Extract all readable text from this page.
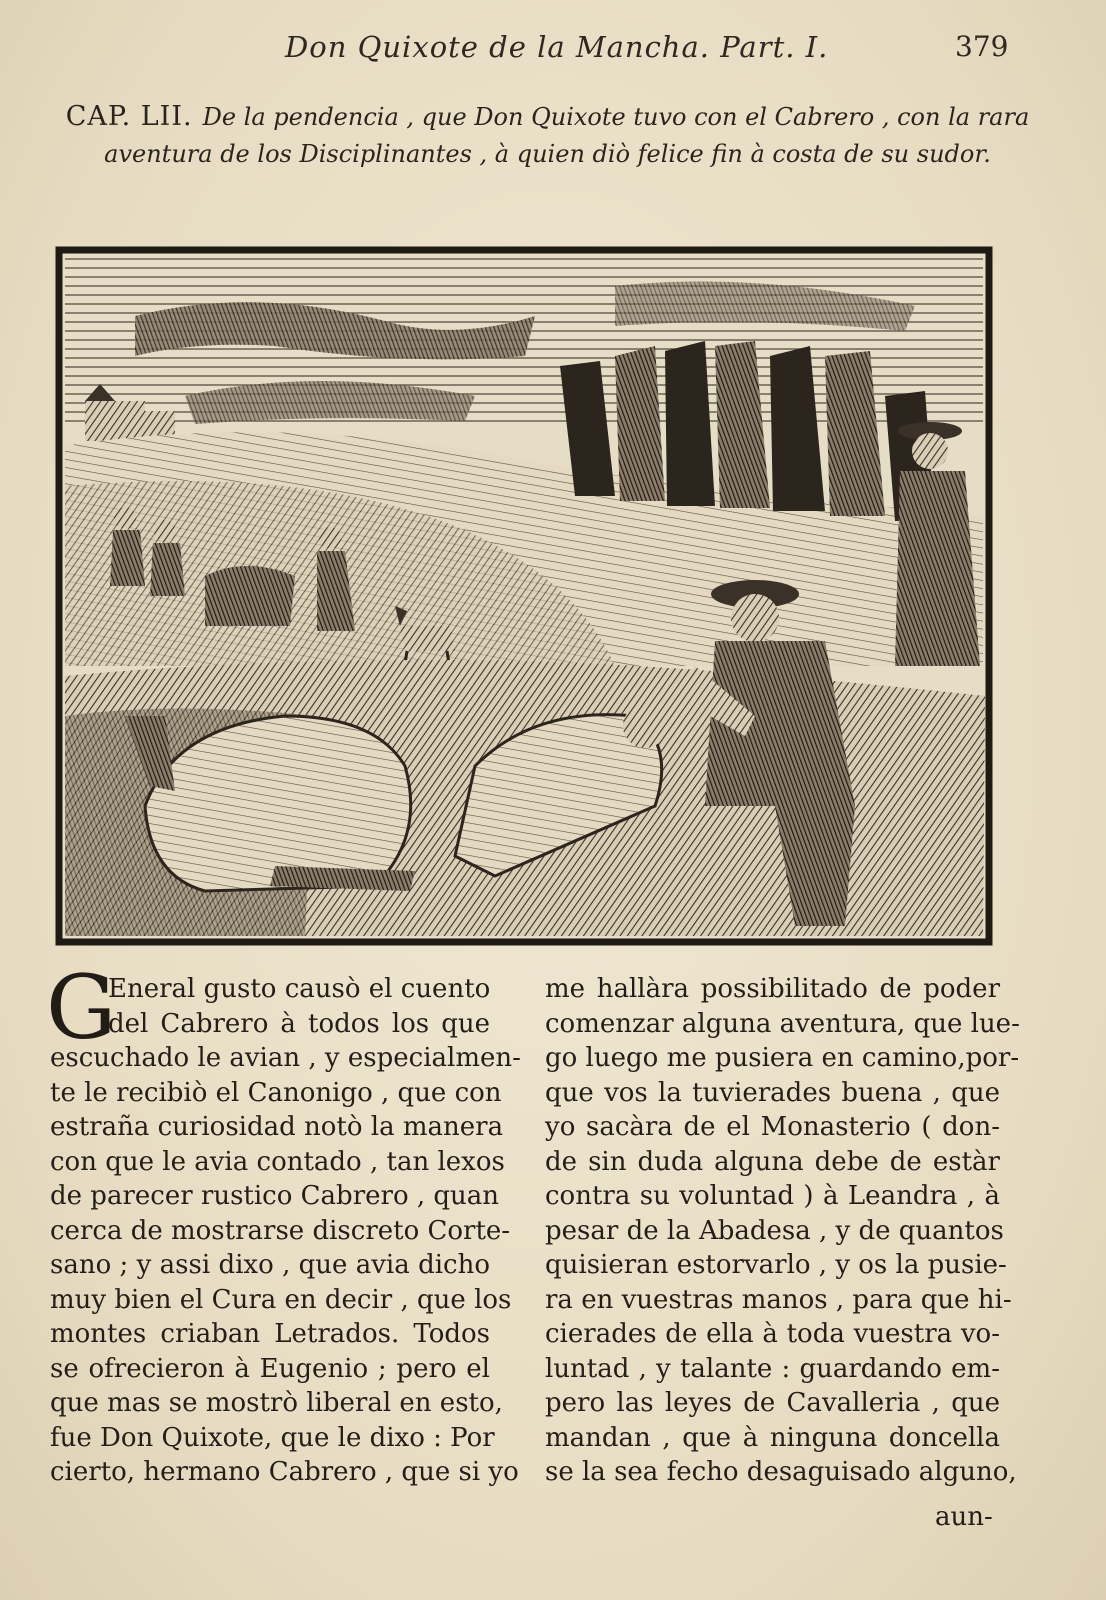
Don Quixote de la Mancha. Part. I.	379
CAP. LII. De la pendencia , que Don Quixote tuvo con el Cabrero , con la rara aventura de los Disciplinantes , à quien diò felice fin à costa de su sudor.
G
Eneral gusto causò el cuento
del Cabrero à todos los que
escuchado le avian , y especialmen-
te le recibiò el Canonigo , que con
estraña curiosidad notò la manera
con que le avia contado , tan lexos
de parecer rustico Cabrero , quan
cerca de mostrarse discreto Corte-
sano ; y assi dixo , que avia dicho
muy bien el Cura en decir , que los
montes criaban Letrados. Todos
se ofrecieron à Eugenio ; pero el
que mas se mostrò liberal en esto,
fue Don Quixote, que le dixo : Por
cierto, hermano Cabrero , que si yo
me hallàra possibilitado de poder
comenzar alguna aventura, que lue-
go luego me pusiera en camino,por-
que vos la tuvierades buena , que
yo sacàra de el Monasterio ( don-
de sin duda alguna debe de estàr
contra su voluntad ) à Leandra , à
pesar de la Abadesa , y de quantos
quisieran estorvarlo , y os la pusie-
ra en vuestras manos , para que hi-
cierades de ella à toda vuestra vo-
luntad , y talante : guardando em-
pero las leyes de Cavalleria , que
mandan , que à ninguna doncella
se la sea fecho desaguisado alguno,
aun-
